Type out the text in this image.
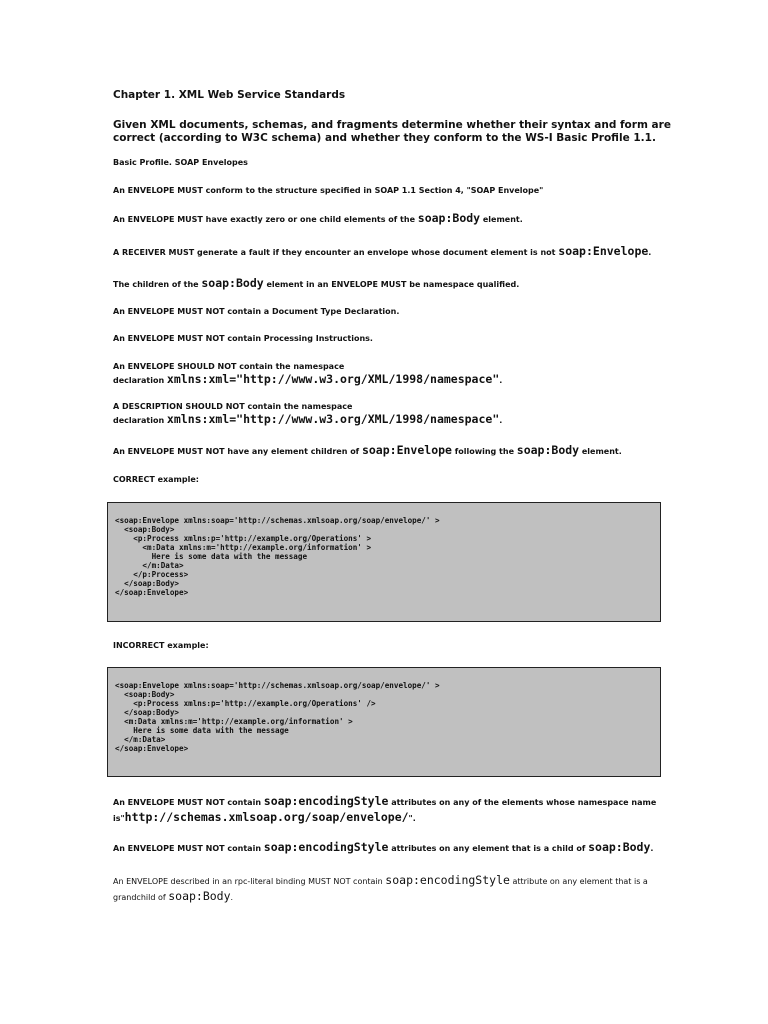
Chapter 1. XML Web Service Standards
Given XML documents, schemas, and fragments determine whether their syntax and form are correct (according to W3C schema) and whether they conform to the WS-I Basic Profile 1.1.
Basic Profile. SOAP Envelopes
An ENVELOPE MUST conform to the structure specified in SOAP 1.1 Section 4, "SOAP Envelope"
An ENVELOPE MUST have exactly zero or one child elements of the soap:Body element.
A RECEIVER MUST generate a fault if they encounter an envelope whose document element is not soap:Envelope.
The children of the soap:Body element in an ENVELOPE MUST be namespace qualified.
An ENVELOPE MUST NOT contain a Document Type Declaration.
An ENVELOPE MUST NOT contain Processing Instructions.
An ENVELOPE SHOULD NOT contain the namespace
declaration xmlns:xml="http://www.w3.org/XML/1998/namespace".
A DESCRIPTION SHOULD NOT contain the namespace
declaration xmlns:xml="http://www.w3.org/XML/1998/namespace".
An ENVELOPE MUST NOT have any element children of soap:Envelope following the soap:Body element.
CORRECT example:
<soap:Envelope xmlns:soap='http://schemas.xmlsoap.org/soap/envelope/' >
<soap:Body>
<p:Process xmlns:p='http://example.org/Operations' >
<m:Data xmlns:m='http://example.org/information' >
Here is some data with the message
</m:Data>
</p:Process>
</soap:Body>
</soap:Envelope>
INCORRECT example:
<soap:Envelope xmlns:soap='http://schemas.xmlsoap.org/soap/envelope/' >
<soap:Body>
<p:Process xmlns:p='http://example.org/Operations' />
</soap:Body>
<m:Data xmlns:m='http://example.org/information' >
Here is some data with the message
</m:Data>
</soap:Envelope>
An ENVELOPE MUST NOT contain soap:encodingStyle attributes on any of the elements whose namespace name
is"http://schemas.xmlsoap.org/soap/envelope/".
An ENVELOPE MUST NOT contain soap:encodingStyle attributes on any element that is a child of soap:Body.
An ENVELOPE described in an rpc-literal binding MUST NOT contain soap:encodingStyle attribute on any element that is a
grandchild of soap:Body.
